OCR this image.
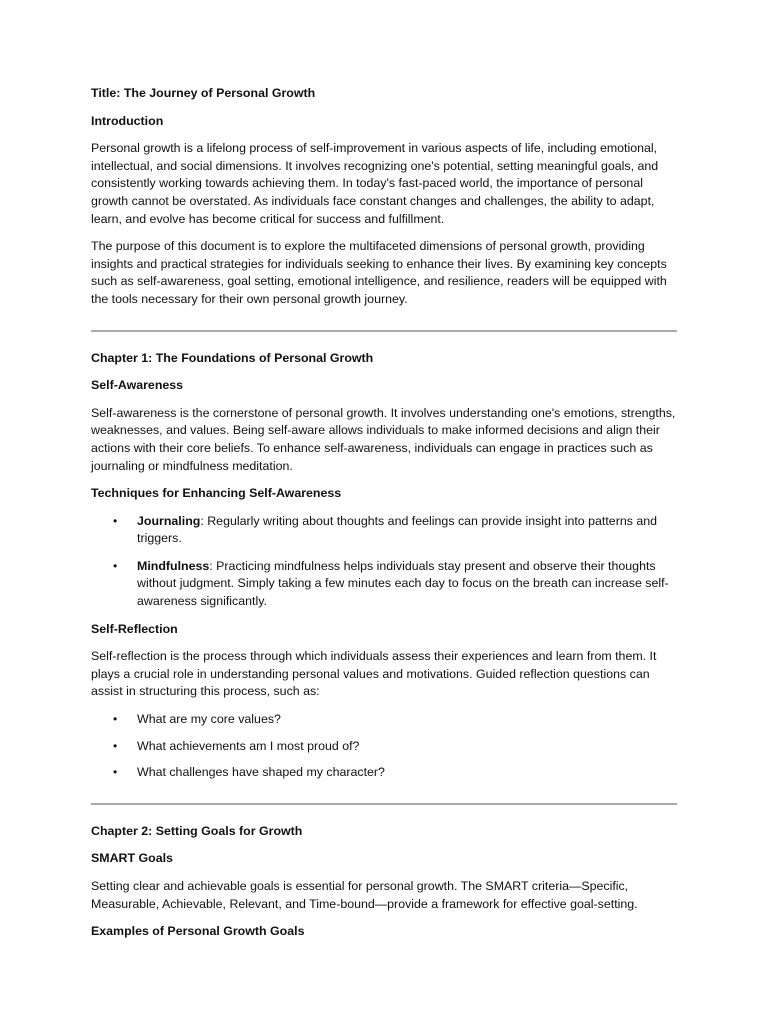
Title: The Journey of Personal Growth
Introduction

Personal growth is a lifelong process of self-improvement in various aspects of life, including emotional, intellectual, and social dimensions. It involves recognizing one's potential, setting meaningful goals, and consistently working towards achieving them. In today's fast-paced world, the importance of personal growth cannot be overstated. As individuals face constant changes and challenges, the ability to adapt, learn, and evolve has become critical for success and fulfillment.

The purpose of this document is to explore the multifaceted dimensions of personal growth, providing insights and practical strategies for individuals seeking to enhance their lives. By examining key concepts such as self-awareness, goal setting, emotional intelligence, and resilience, readers will be equipped with the tools necessary for their own personal growth journey.

Chapter 1: The Foundations of Personal Growth
Self-Awareness

Self-awareness is the cornerstone of personal growth. It involves understanding one's emotions, strengths, weaknesses, and values. Being self-aware allows individuals to make informed decisions and align their actions with their core beliefs. To enhance self-awareness, individuals can engage in practices such as journaling or mindfulness meditation.

Techniques for Enhancing Self-Awareness
• Journaling: Regularly writing about thoughts and feelings can provide insight into patterns and triggers.
• Mindfulness: Practicing mindfulness helps individuals stay present and observe their thoughts without judgment. Simply taking a few minutes each day to focus on the breath can increase self-awareness significantly.
Self-Reflection

Self-reflection is the process through which individuals assess their experiences and learn from them. It plays a crucial role in understanding personal values and motivations. Guided reflection questions can assist in structuring this process, such as:

• What are my core values?
• What achievements am I most proud of?
• What challenges have shaped my character?
Chapter 2: Setting Goals for Growth
SMART Goals

Setting clear and achievable goals is essential for personal growth. The SMART criteria—Specific, Measurable, Achievable, Relevant, and Time-bound—provide a framework for effective goal-setting.

Examples of Personal Growth Goals
